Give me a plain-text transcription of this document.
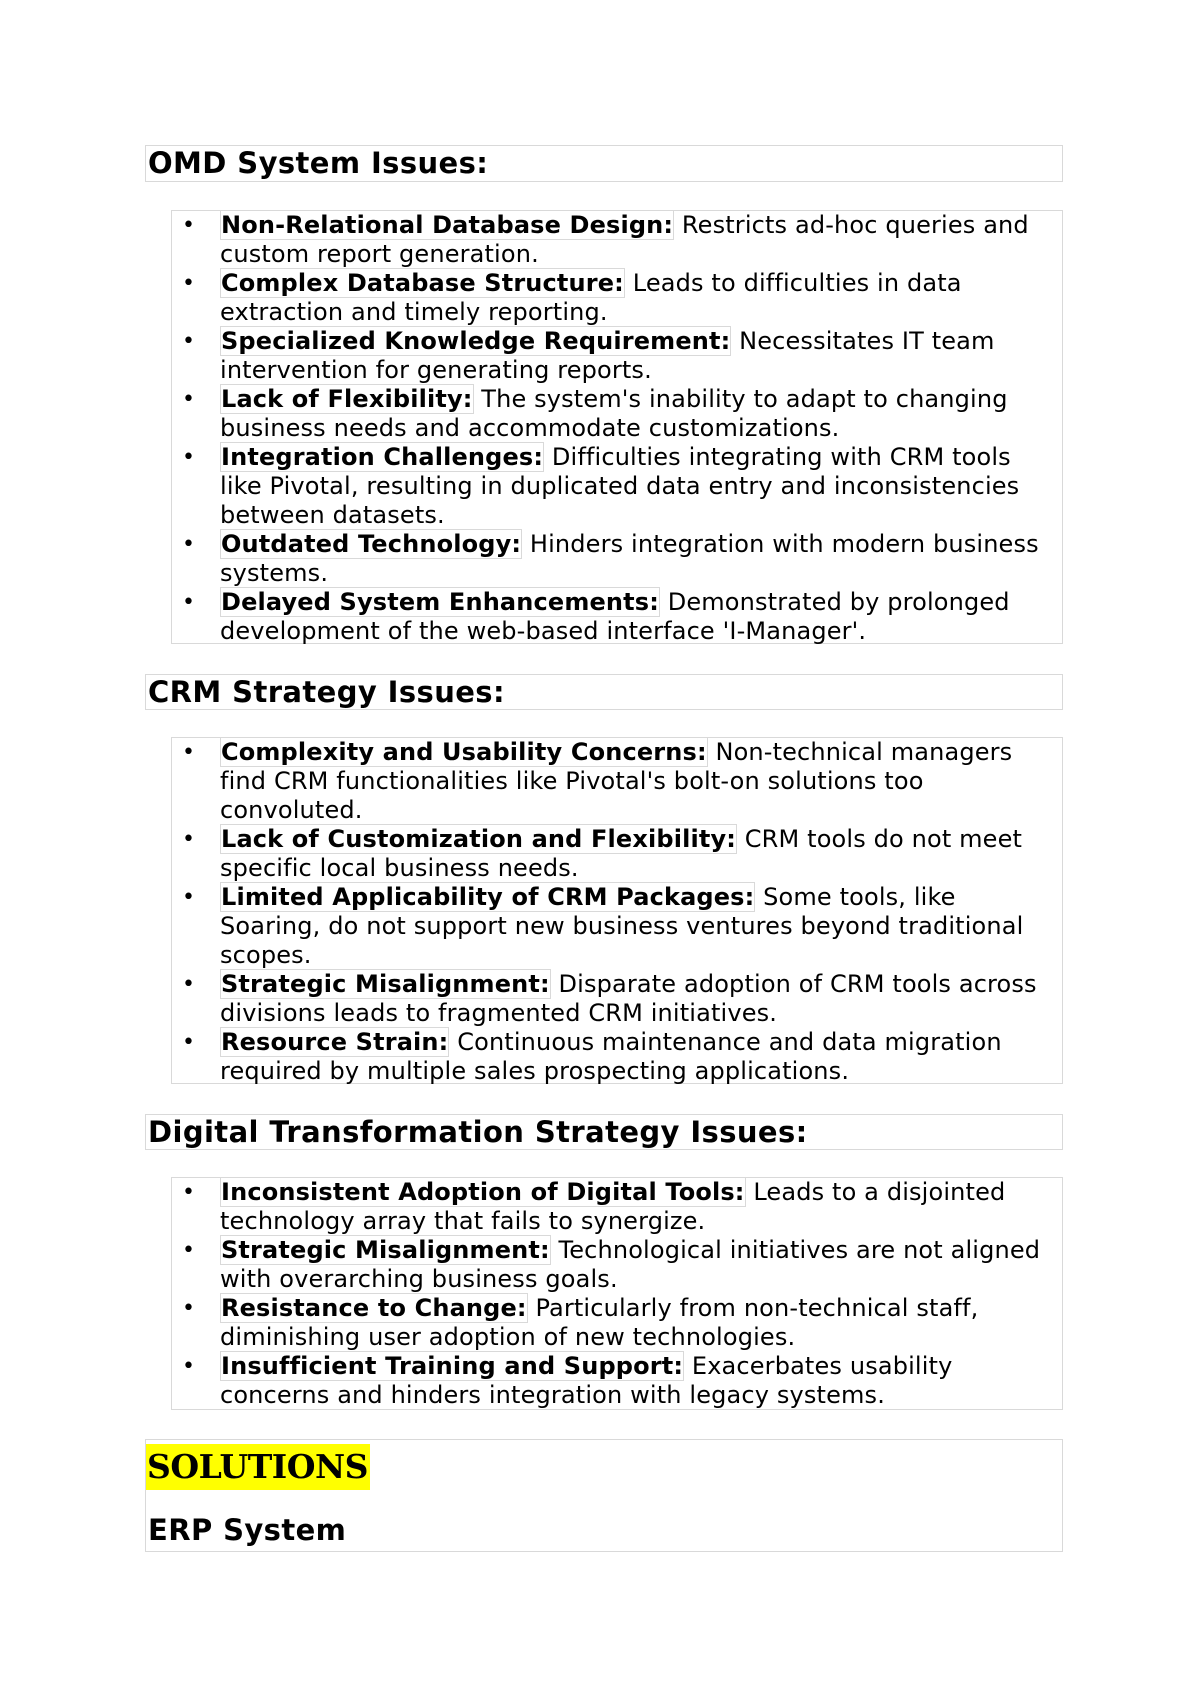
OMD System Issues:
• Non-Relational Database Design: Restricts ad-hoc queries and custom report generation.
• Complex Database Structure: Leads to difficulties in data extraction and timely reporting.
• Specialized Knowledge Requirement: Necessitates IT team intervention for generating reports.
• Lack of Flexibility: The system's inability to adapt to changing business needs and accommodate customizations.
• Integration Challenges: Difficulties integrating with CRM tools like Pivotal, resulting in duplicated data entry and inconsistencies between datasets.
• Outdated Technology: Hinders integration with modern business systems.
• Delayed System Enhancements: Demonstrated by prolonged development of the web-based interface 'I-Manager'.
CRM Strategy Issues:
• Complexity and Usability Concerns: Non-technical managers find CRM functionalities like Pivotal's bolt-on solutions too convoluted.
• Lack of Customization and Flexibility: CRM tools do not meet specific local business needs.
• Limited Applicability of CRM Packages: Some tools, like Soaring, do not support new business ventures beyond traditional scopes.
• Strategic Misalignment: Disparate adoption of CRM tools across divisions leads to fragmented CRM initiatives.
• Resource Strain: Continuous maintenance and data migration required by multiple sales prospecting applications.
Digital Transformation Strategy Issues:
• Inconsistent Adoption of Digital Tools: Leads to a disjointed technology array that fails to synergize.
• Strategic Misalignment: Technological initiatives are not aligned with overarching business goals.
• Resistance to Change: Particularly from non-technical staff, diminishing user adoption of new technologies.
• Insufficient Training and Support: Exacerbates usability concerns and hinders integration with legacy systems.
SOLUTIONS
ERP System
